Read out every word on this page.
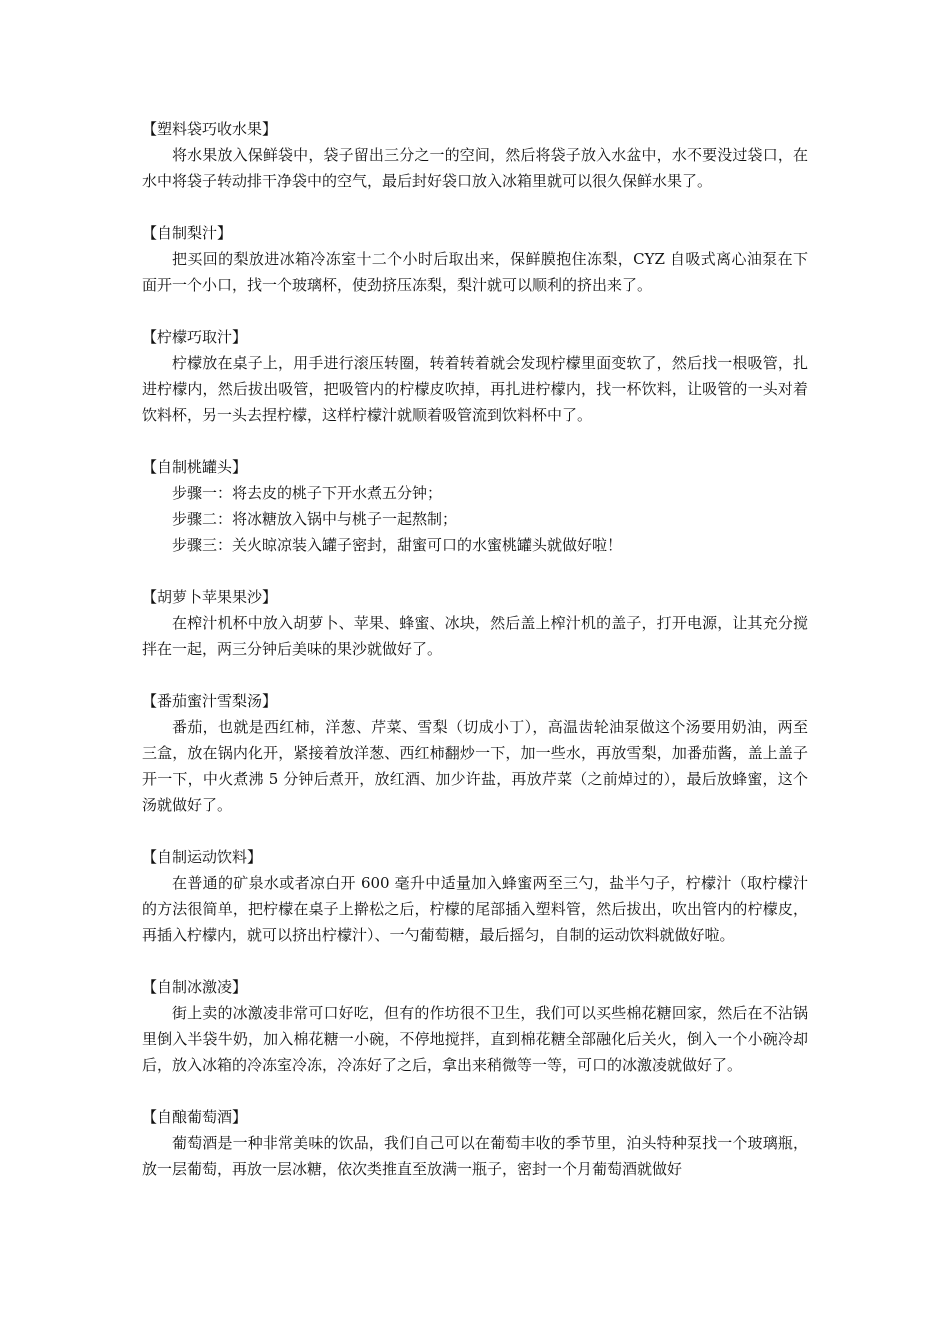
【塑料袋巧收水果】

将水果放入保鲜袋中，袋子留出三分之一的空间，然后将袋子放入水盆中，水不要没过袋口，在水中将袋子转动排干净袋中的空气，最后封好袋口放入冰箱里就可以很久保鲜水果了。

【自制梨汁】

把买回的梨放进冰箱冷冻室十二个小时后取出来，保鲜膜抱住冻梨，CYZ 自吸式离心油泵在下面开一个小口，找一个玻璃杯，使劲挤压冻梨，梨汁就可以顺利的挤出来了。

【柠檬巧取汁】

柠檬放在桌子上，用手进行滚压转圈，转着转着就会发现柠檬里面变软了，然后找一根吸管，扎进柠檬内，然后拔出吸管，把吸管内的柠檬皮吹掉，再扎进柠檬内，找一杯饮料，让吸管的一头对着饮料杯，另一头去捏柠檬，这样柠檬汁就顺着吸管流到饮料杯中了。

【自制桃罐头】

步骤一：将去皮的桃子下开水煮五分钟；

步骤二：将冰糖放入锅中与桃子一起熬制；

步骤三：关火晾凉装入罐子密封，甜蜜可口的水蜜桃罐头就做好啦！

【胡萝卜苹果果沙】

在榨汁机杯中放入胡萝卜、苹果、蜂蜜、冰块，然后盖上榨汁机的盖子，打开电源，让其充分搅拌在一起，两三分钟后美味的果沙就做好了。

【番茄蜜汁雪梨汤】

番茄，也就是西红柿，洋葱、芹菜、雪梨（切成小丁），高温齿轮油泵做这个汤要用奶油，两至三盒，放在锅内化开，紧接着放洋葱、西红柿翻炒一下，加一些水，再放雪梨，加番茄酱，盖上盖子开一下，中火煮沸 5 分钟后煮开，放红酒、加少许盐，再放芹菜（之前焯过的），最后放蜂蜜，这个汤就做好了。

【自制运动饮料】

在普通的矿泉水或者凉白开 600 毫升中适量加入蜂蜜两至三勺，盐半勺子，柠檬汁（取柠檬汁的方法很简单，把柠檬在桌子上擀松之后，柠檬的尾部插入塑料管，然后拔出，吹出管内的柠檬皮，再插入柠檬内，就可以挤出柠檬汁）、一勺葡萄糖，最后摇匀，自制的运动饮料就做好啦。

【自制冰激凌】

街上卖的冰激凌非常可口好吃，但有的作坊很不卫生，我们可以买些棉花糖回家，然后在不沾锅里倒入半袋牛奶，加入棉花糖一小碗，不停地搅拌，直到棉花糖全部融化后关火，倒入一个小碗冷却后，放入冰箱的冷冻室冷冻，冷冻好了之后，拿出来稍微等一等，可口的冰激凌就做好了。

【自酿葡萄酒】

葡萄酒是一种非常美味的饮品，我们自己可以在葡萄丰收的季节里，泊头特种泵找一个玻璃瓶，放一层葡萄，再放一层冰糖，依次类推直至放满一瓶子，密封一个月葡萄酒就做好
